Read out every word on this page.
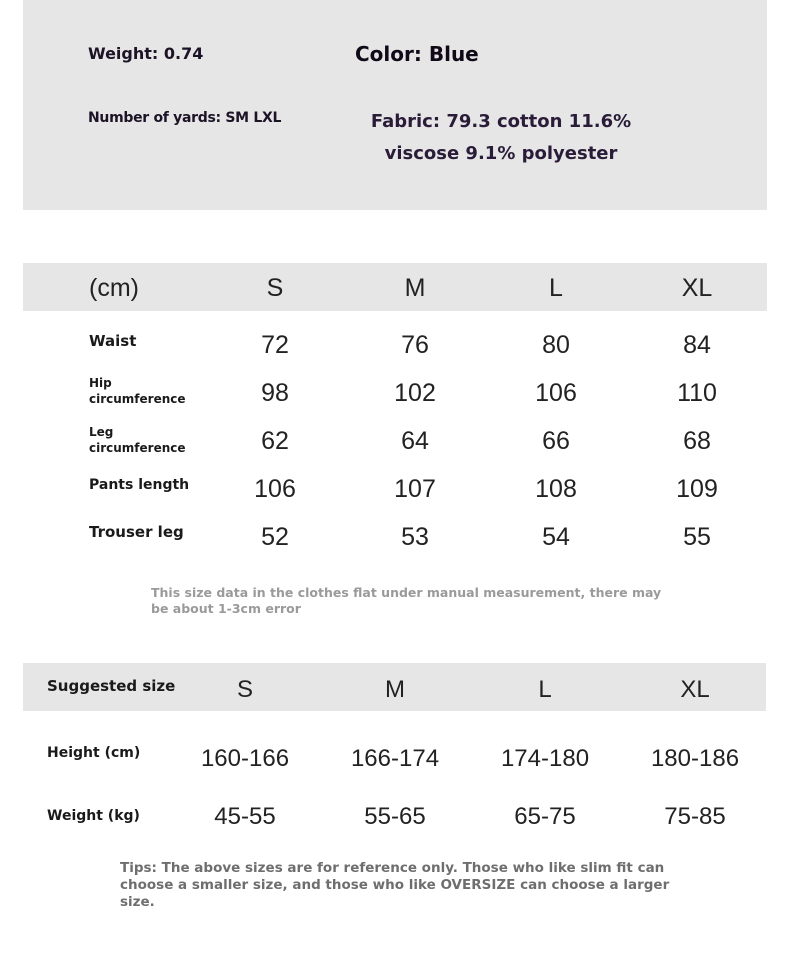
Weight: 0.74
Number of yards: SM LXL
Color: Blue
Fabric: 79.3 cotton 11.6% viscose 9.1% polyester
(cm)	S	M	L	XL
Waist	72	76	80	84
Hip
circumference	98	102	106	110
Leg
circumference	62	64	66	68
Pants length	106	107	108	109
Trouser leg	52	53	54	55
This size data in the clothes flat under manual measurement, there may be about 1-3cm error
Suggested size	S	M	L	XL
Height (cm)	160-166	166-174	174-180	180-186
Weight (kg)	45-55	55-65	65-75	75-85
Tips: The above sizes are for reference only. Those who like slim fit can choose a smaller size, and those who like OVERSIZE can choose a larger size.
